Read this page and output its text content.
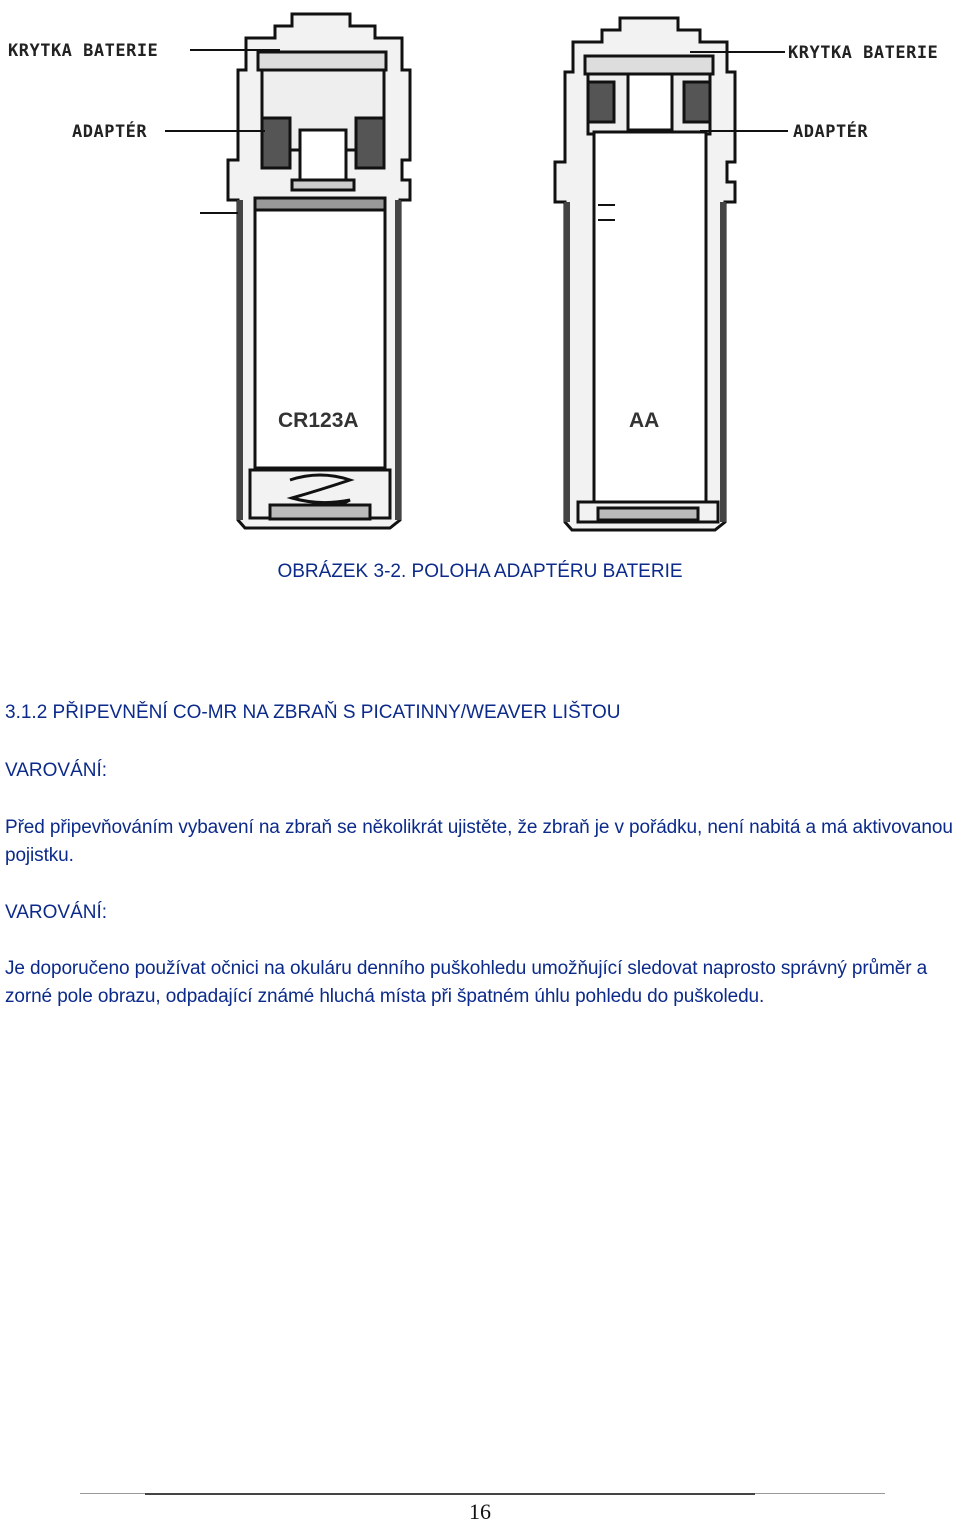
KRYTKA BATERIE
ADAPTÉR
KRYTKA BATERIE
ADAPTÉR
CR123A	AA
OBRÁZEK 3-2. POLOHA ADAPTÉRU BATERIE
3.1.2 PŘIPEVNĚNÍ CO-MR NA ZBRAŇ S PICATINNY/WEAVER LIŠTOU
VAROVÁNÍ:
Před připevňováním vybavení na zbraň se několikrát ujistěte, že zbraň je v pořádku, není nabitá a má aktivovanou pojistku.
VAROVÁNÍ:
Je doporučeno používat očnici na okuláru denního puškohledu umožňující sledovat naprosto správný průměr a zorné pole obrazu, odpadající známé hluchá místa při špatném úhlu pohledu do puškoledu.
16
